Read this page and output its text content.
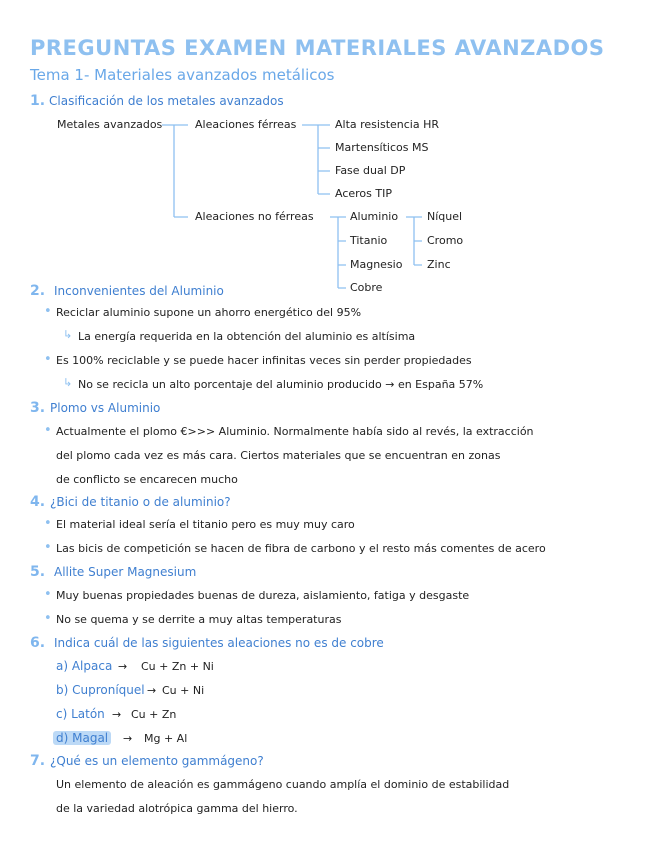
PREGUNTAS EXAMEN MATERIALES AVANZADOS
Tema 1- Materiales avanzados metálicos
1. Clasificación de los metales avanzados
Metales avanzados	Aleaciones férreas	Alta resistencia HR
Martensíticos MS
Fase dual DP
Aceros TIP
Aleaciones no férreas	Aluminio
Titanio
Magnesio
Cobre
Níquel
Cromo
Zinc
2. Inconvenientes del Aluminio
• Reciclar aluminio supone un ahorro energético del 95%
↳ La energía requerida en la obtención del aluminio es altísima
• Es 100% reciclable y se puede hacer infinitas veces sin perder propiedades
↳ No se recicla un alto porcentaje del aluminio producido → en España 57%
3. Plomo vs Aluminio
• Actualmente el plomo €>>> Aluminio. Normalmente había sido al revés, la extracción
del plomo cada vez es más cara. Ciertos materiales que se encuentran en zonas
de conflicto se encarecen mucho
4. ¿Bici de titanio o de aluminio?
• El material ideal sería el titanio pero es muy muy caro
• Las bicis de competición se hacen de fibra de carbono y el resto más comentes de acero
5. Allite Super Magnesium
• Muy buenas propiedades buenas de dureza, aislamiento, fatiga y desgaste
• No se quema y se derrite a muy altas temperaturas
6. Indica cuál de las siguientes aleaciones no es de cobre
a) Alpaca → Cu + Zn + Ni
b) Cuproníquel → Cu + Ni
c) Latón → Cu + Zn
d) Magal → Mg + Al
7. ¿Qué es un elemento gammágeno?
Un elemento de aleación es gammágeno cuando amplía el dominio de estabilidad
de la variedad alotrópica gamma del hierro.
